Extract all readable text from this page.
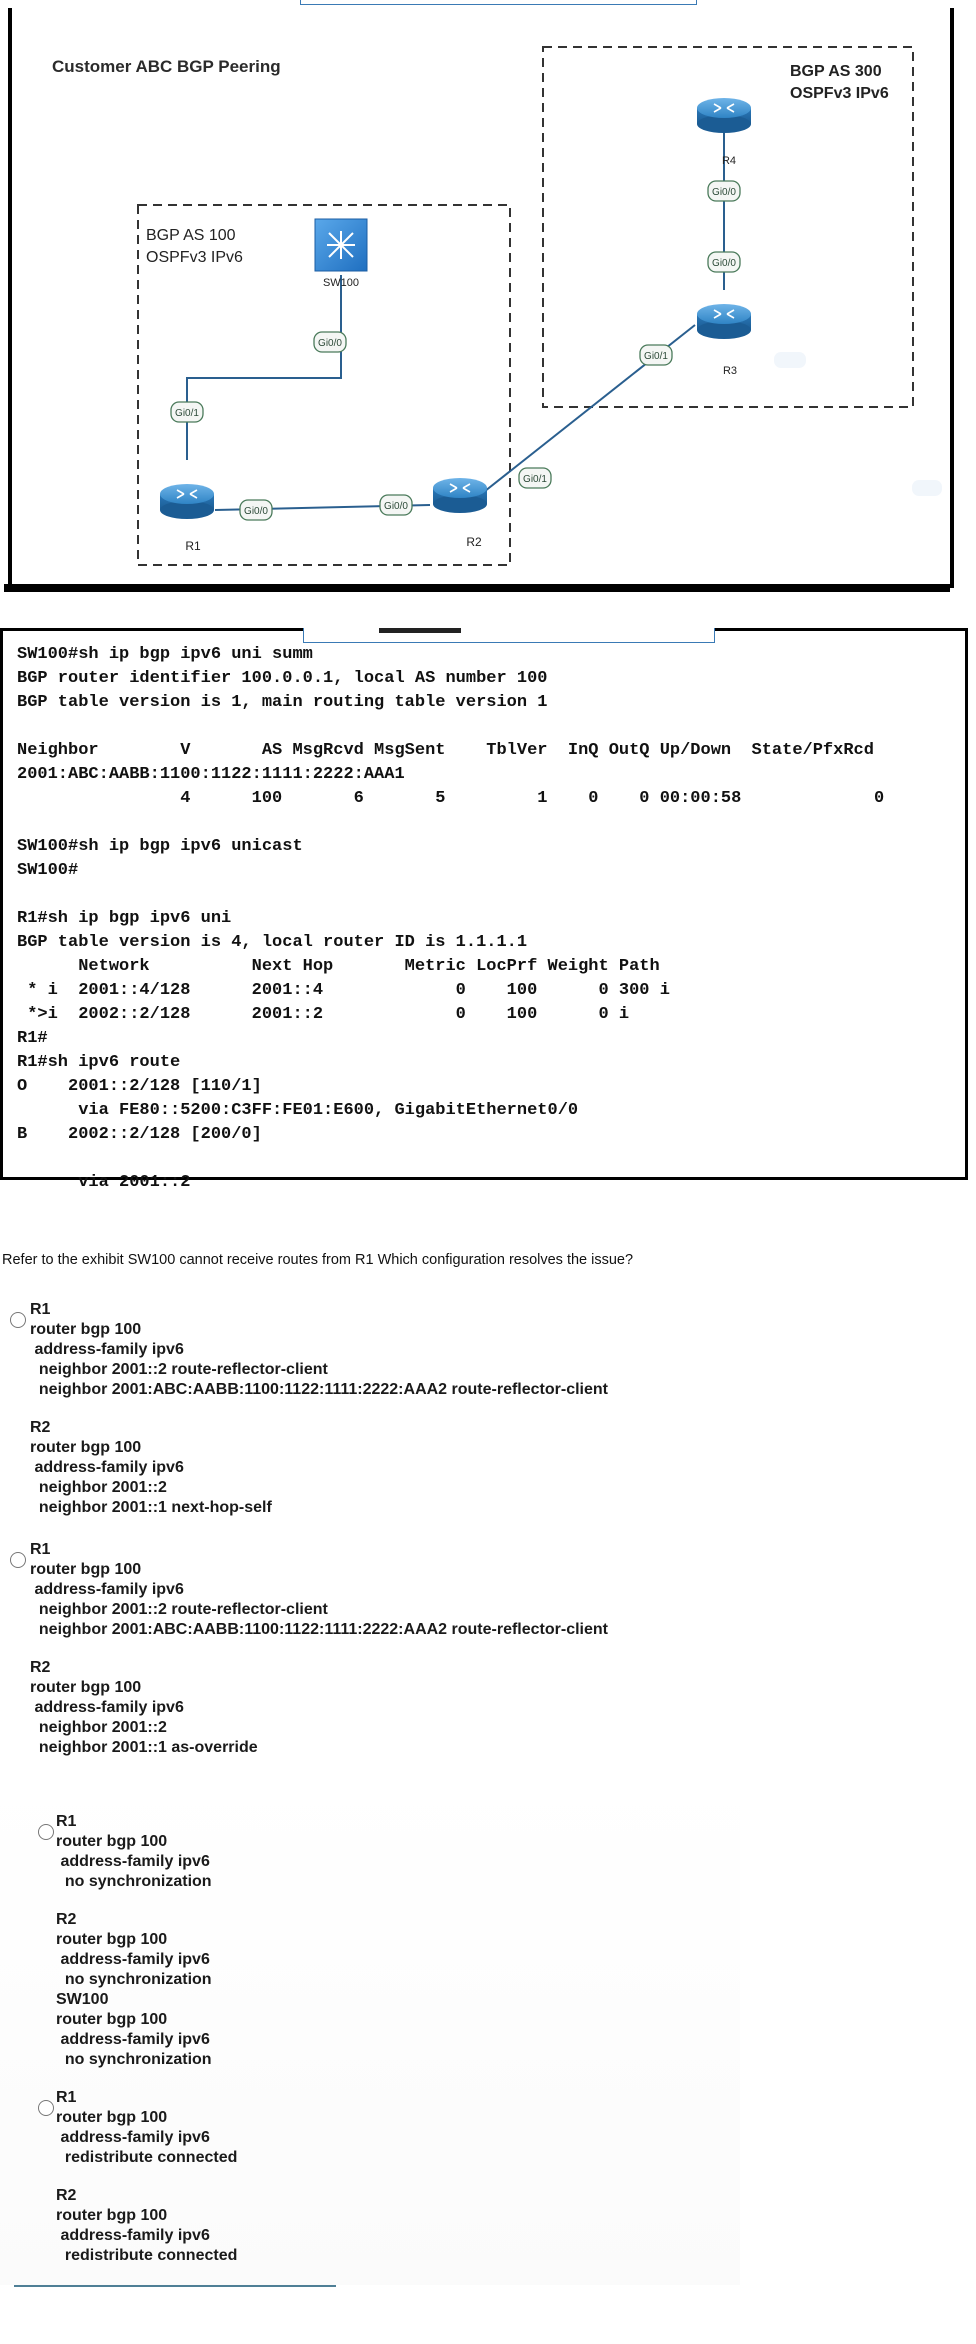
Customer ABC BGP Peering
BGP AS 100
OSPFv3 IPv6
BGP AS 300
OSPFv3 IPv6
SW100
R1	R2
R3
R4
Gi0/0
Gi0/1
Gi0/0	Gi0/0
Gi0/1
Gi0/1
Gi0/0
Gi0/0
SW100#sh ip bgp ipv6 uni summ
BGP router identifier 100.0.0.1, local AS number 100
BGP table version is 1, main routing table version 1
Neighbor        V       AS MsgRcvd MsgSent    TblVer  InQ OutQ Up/Down  State/PfxRcd
2001:ABC:AABB:1100:1122:1111:2222:AAA1
4      100       6       5         1    0    0 00:00:58             0
SW100#sh ip bgp ipv6 unicast
SW100#
R1#sh ip bgp ipv6 uni
BGP table version is 4, local router ID is 1.1.1.1
Network          Next Hop       Metric LocPrf Weight Path
* i  2001::4/128      2001::4             0    100      0 300 i
*>i  2002::2/128      2001::2             0    100      0 i
R1#
R1#sh ipv6 route
O    2001::2/128 [110/1]
via FE80::5200:C3FF:FE01:E600, GigabitEthernet0/0
B    2002::2/128 [200/0]
via 2001::2
Refer to the exhibit SW100 cannot receive routes from R1 Which configuration resolves the issue?
R1
router bgp 100
address-family ipv6
neighbor 2001::2 route-reflector-client
neighbor 2001:ABC:AABB:1100:1122:1111:2222:AAA2 route-reflector-client
R2
router bgp 100
address-family ipv6
neighbor 2001::2
neighbor 2001::1 next-hop-self
R1
router bgp 100
address-family ipv6
neighbor 2001::2 route-reflector-client
neighbor 2001:ABC:AABB:1100:1122:1111:2222:AAA2 route-reflector-client
R2
router bgp 100
address-family ipv6
neighbor 2001::2
neighbor 2001::1 as-override
R1
router bgp 100
address-family ipv6
no synchronization
R2
router bgp 100
address-family ipv6
no synchronization
SW100
router bgp 100
address-family ipv6
no synchronization
R1
router bgp 100
address-family ipv6
redistribute connected
R2
router bgp 100
address-family ipv6
redistribute connected
